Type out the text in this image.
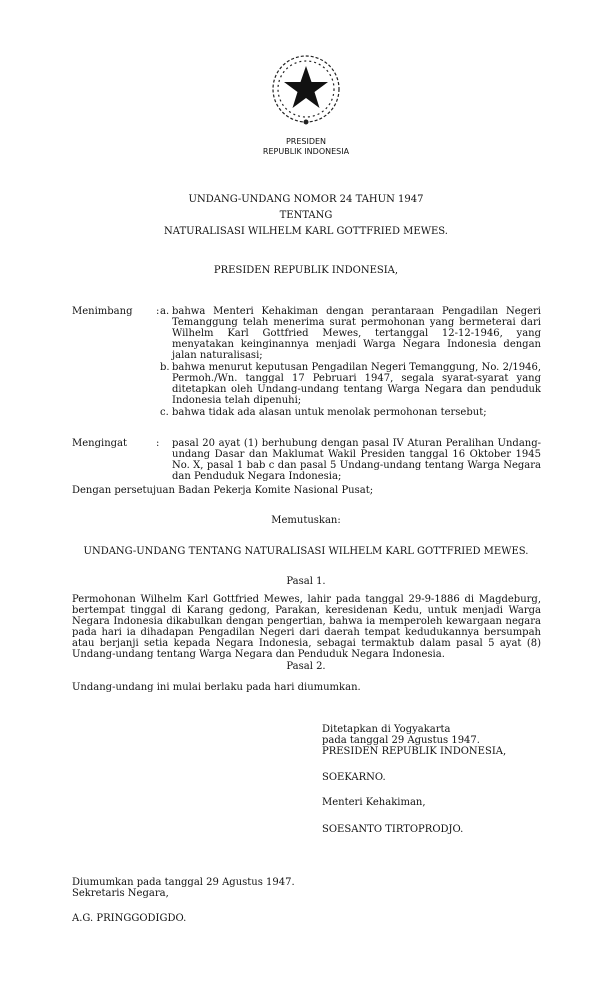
PRESIDEN
REPUBLIK INDONESIA
UNDANG-UNDANG NOMOR 24 TAHUN 1947
TENTANG
NATURALISASI WILHELM KARL GOTTFRIED MEWES.
PRESIDEN REPUBLIK INDONESIA,
Menimbang : a. bahwa Menteri Kehakiman dengan perantaraan Pengadilan Negeri Temanggung telah menerima surat permohonan yang bermeterai dari Wilhelm Karl Gottfried Mewes, tertanggal 12-12-1946, yang menyatakan keinginannya menjadi Warga Negara Indonesia dengan jalan naturalisasi;
b. bahwa menurut keputusan Pengadilan Negeri Temanggung, No. 2/1946, Permoh./Wn. tanggal 17 Pebruari 1947, segala syarat-syarat yang ditetapkan oleh Undang-undang tentang Warga Negara dan penduduk Indonesia telah dipenuhi;
c. bahwa tidak ada alasan untuk menolak permohonan tersebut;
Mengingat	: pasal 20 ayat (1) berhubung dengan pasal IV Aturan Peralihan Undang-undang Dasar dan Maklumat Wakil Presiden tanggal 16 Oktober 1945 No. X, pasal 1 bab c dan pasal 5 Undang-undang tentang Warga Negara dan Penduduk Negara Indonesia;
Dengan persetujuan Badan Pekerja Komite Nasional Pusat;
Memutuskan:
UNDANG-UNDANG TENTANG NATURALISASI WILHELM KARL GOTTFRIED MEWES.
Pasal 1.
Permohonan Wilhelm Karl Gottfried Mewes, lahir pada tanggal 29-9-1886 di Magdeburg, bertempat tinggal di Karang gedong, Parakan, keresidenan Kedu, untuk menjadi Warga Negara Indonesia dikabulkan dengan pengertian, bahwa ia memperoleh kewargaan negara pada hari ia dihadapan Pengadilan Negeri dari daerah tempat kedudukannya bersumpah atau berjanji setia kepada Negara Indonesia, sebagai termaktub dalam pasal 5 ayat (8) Undang-undang tentang Warga Negara dan Penduduk Negara Indonesia.
Pasal 2.
Undang-undang ini mulai berlaku pada hari diumumkan.
Ditetapkan di Yogyakarta
pada tanggal 29 Agustus 1947.
PRESIDEN REPUBLIK INDONESIA,
SOEKARNO.
Menteri Kehakiman,
SOESANTO TIRTOPRODJO.
Diumumkan pada tanggal 29 Agustus 1947.
Sekretaris Negara,
A.G. PRINGGODIGDO.
